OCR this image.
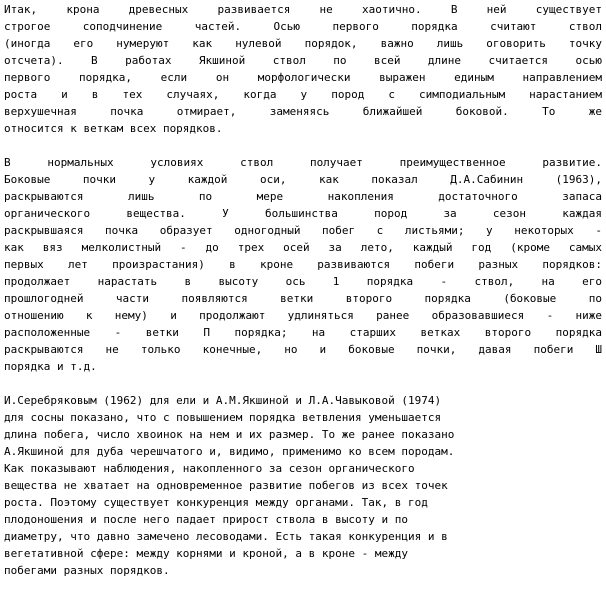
Итак, крона древесных развивается не хаотично. В ней существует
строгое соподчинение частей. Осью первого порядка считают ствол
(иногда его нумеруют как нулевой порядок, важно лишь оговорить точку
отсчета). В работах Якшиной ствол по всей длине считается осью
первого порядка, если он морфологически выражен единым направлением
роста и в тех случаях, когда у пород с симподиальным нарастанием
верхушечная почка отмирает, заменяясь ближайшей боковой. То же
относится к веткам всех порядков.
В нормальных условиях ствол получает преимущественное развитие.
Боковые почки у каждой оси, как показал Д.А.Сабинин (1963),
раскрываются лишь по мере накопления достаточного запаса
органического вещества. У большинства пород за сезон каждая
раскрывшаяся почка образует одногодный побег с листьями; у некоторых -
как вяз мелколистный - до трех осей за лето, каждый год (кроме самых
первых лет произрастания) в кроне развиваются побеги разных порядков:
продолжает нарастать в высоту ось 1 порядка - ствол, на его
прошлогодней части появляются ветки второго порядка (боковые по
отношению к нему) и продолжают удлиняться ранее образовавшиеся - ниже
расположенные - ветки П порядка; на старших ветках второго порядка
раскрываются не только конечные, но и боковые почки, давая побеги Ш
порядка и т.д.
И.Серебряковым (1962) для ели и А.М.Якшиной и Л.А.Чавыковой (1974)
для сосны показано, что с повышением порядка ветвления уменьшается
длина побега, число хвоинок на нем и их размер. То же ранее показано
А.Якшиной для дуба черешчатого и, видимо, применимо ко всем породам.
Как показывают наблюдения, накопленного за сезон органического
вещества не хватает на одновременное развитие побегов из всех точек
роста. Поэтому существует конкуренция между органами. Так, в год
плодоношения и после него падает прирост ствола в высоту и по
диаметру, что давно замечено лесоводами. Есть такая конкуренция и в
вегетативной сфере: между корнями и кроной, а в кроне - между
побегами разных порядков.
